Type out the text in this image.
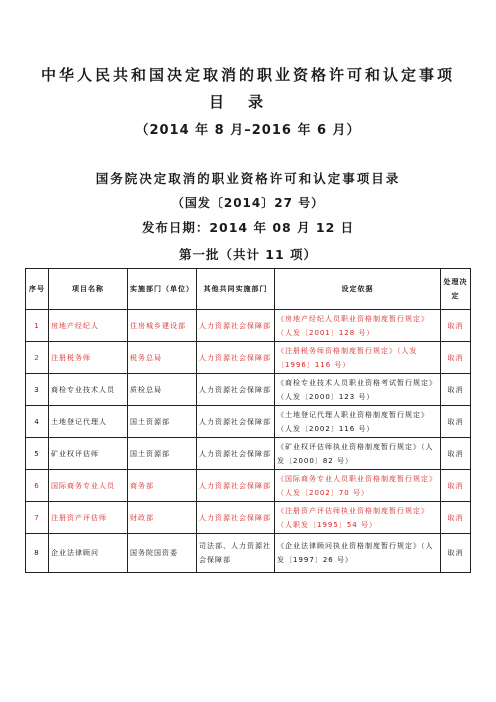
中华人民共和国决定取消的职业资格许可和认定事项
目录
（2014 年 8 月–2016 年 6 月）
国务院决定取消的职业资格许可和认定事项目录
（国发〔2014〕27 号）
发布日期：2014 年 08 月 12 日
第一批（共计 11 项）
序号	项目名称	实施部门（单位）	其他共同实施部门	设定依据	处理决定
1	房地产经纪人	住房城乡建设部	人力资源社会保障部	《房地产经纪人员职业资格制度暂行规定》（人发〔2001〕128 号）	取消
2	注册税务师	税务总局	人力资源社会保障部	《注册税务师资格制度暂行规定》（人发〔1996〕116 号）	取消
3	商检专业技术人员	质检总局	人力资源社会保障部	《商检专业技术人员职业资格考试暂行规定》（人发〔2000〕123 号）	取消
4	土地登记代理人	国土资源部	人力资源社会保障部	《土地登记代理人职业资格制度暂行规定》（人发〔2002〕116 号）	取消
5	矿业权评估师	国土资源部	人力资源社会保障部	《矿业权评估师执业资格制度暂行规定》（人发〔2000〕82 号）	取消
6	国际商务专业人员	商务部	人力资源社会保障部	《国际商务专业人员职业资格制度暂行规定》（人发〔2002〕70 号）	取消
7	注册资产评估师	财政部	人力资源社会保障部	《注册资产评估师执业资格制度暂行规定》（人职发〔1995〕54 号）	取消
8	企业法律顾问	国务院国资委	司法部、人力资源社会保障部	《企业法律顾问执业资格制度暂行规定》（人发〔1997〕26 号）	取消
